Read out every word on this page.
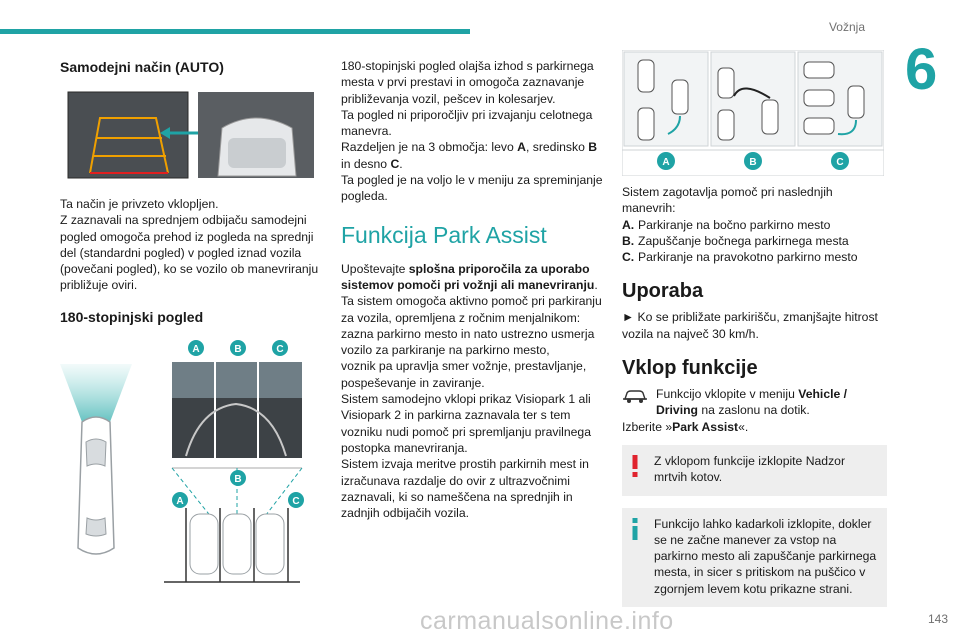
Vožnja
6
Samodejni način (AUTO)

Ta način je privzeto vklopljen.

Z zaznavali na sprednjem odbijaču samodejni pogled omogoča prehod iz pogleda na sprednji del (standardni pogled) v pogled iznad vozila (povečani pogled), ko se vozilo ob manevriranju približuje oviri.

180-stopinjski pogled
A	B	C
A
B
C

180-stopinjski pogled olajša izhod s parkirnega mesta v prvi prestavi in omogoča zaznavanje približevanja vozil, pešcev in kolesarjev.

Ta pogled ni priporočljiv pri izvajanju celotnega manevra.

Razdeljen je na 3 območja: levo A, sredinsko B

in desno C.

Ta pogled je na voljo le v meniju za spreminjanje pogleda.

Funkcija Park Assist

Upoštevajte splošna priporočila za uporabo sistemov pomoči pri vožnji ali manevriranju.

Ta sistem omogoča aktivno pomoč pri parkiranju za vozila, opremljena z ročnim menjalnikom: zazna parkirno mesto in nato ustrezno usmerja vozilo za parkiranje na parkirno mesto,

voznik pa upravlja smer vožnje, prestavljanje, pospeševanje in zaviranje.

Sistem samodejno vklopi prikaz Visiopark 1 ali Visiopark 2 in parkirna zaznavala ter s tem vozniku nudi pomoč pri spremljanju pravilnega postopka manevriranja.

Sistem izvaja meritve prostih parkirnih mest in izračunava razdalje do ovir z ultrazvočnimi zaznavali, ki so nameščena na sprednjih in zadnjih odbijačih vozila.

A	B	C

Sistem zagotavlja pomoč pri naslednjih manevrih:

A. Parkiranje na bočno parkirno mesto
B. Zapuščanje bočnega parkirnega mesta
C. Parkiranje na pravokotno parkirno mesto
Uporaba

► Ko se približate parkirišču, zmanjšajte hitrost vozila na največ 30 km/h.

Vklop funkcije

Funkcijo vklopite v meniju Vehicle / Driving na zaslonu na dotik.

Izberite »Park Assist«.

Z vklopom funkcije izklopite Nadzor mrtvih kotov.

Funkcijo lahko kadarkoli izklopite, dokler se ne začne manever za vstop na parkirno mesto ali zapuščanje parkirnega mesta, in sicer s pritiskom na puščico v zgornjem levem kotu prikazne strani.

carmanualsonline.info	143
